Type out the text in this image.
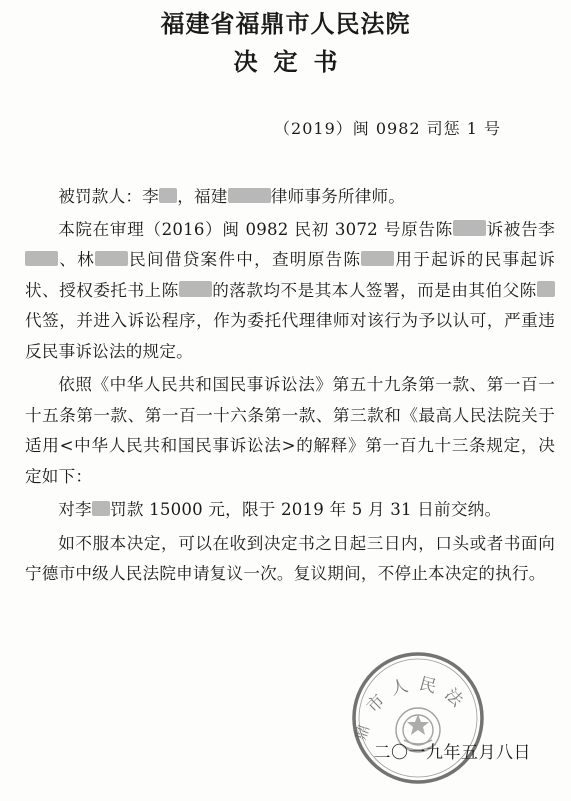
福建省福鼎市人民法院
决定书
（2019）闽 0982 司惩 1 号

被罚款人：李 ，福建	律师事务所律师。

本院在审理（2016）闽 0982 民初 3072 号原告陈 诉被告李、林 民间借贷案件中，查明原告陈 用于起诉的民事起诉状、授权委托书上陈 的落款均不是其本人签署，而是由其伯父陈代签，并进入诉讼程序，作为委托代理律师对该行为予以认可，严重违反民事诉讼法的规定。

依照《中华人民共和国民事诉讼法》第五十九条第一款、第一百一十五条第一款、第一百一十六条第一款、第三款和《最高人民法院关于适用<中华人民共和国民事诉讼法>的解释》第一百九十三条规定，决定如下：

对李 罚款 15000 元，限于 2019 年 5 月 31 日前交纳。

如不服本决定，可以在收到决定书之日起三日内，口头或者书面向宁德市中级人民法院申请复议一次。复议期间，不停止本决定的执行。

市人民法
鼎
二〇一九年五月八日
